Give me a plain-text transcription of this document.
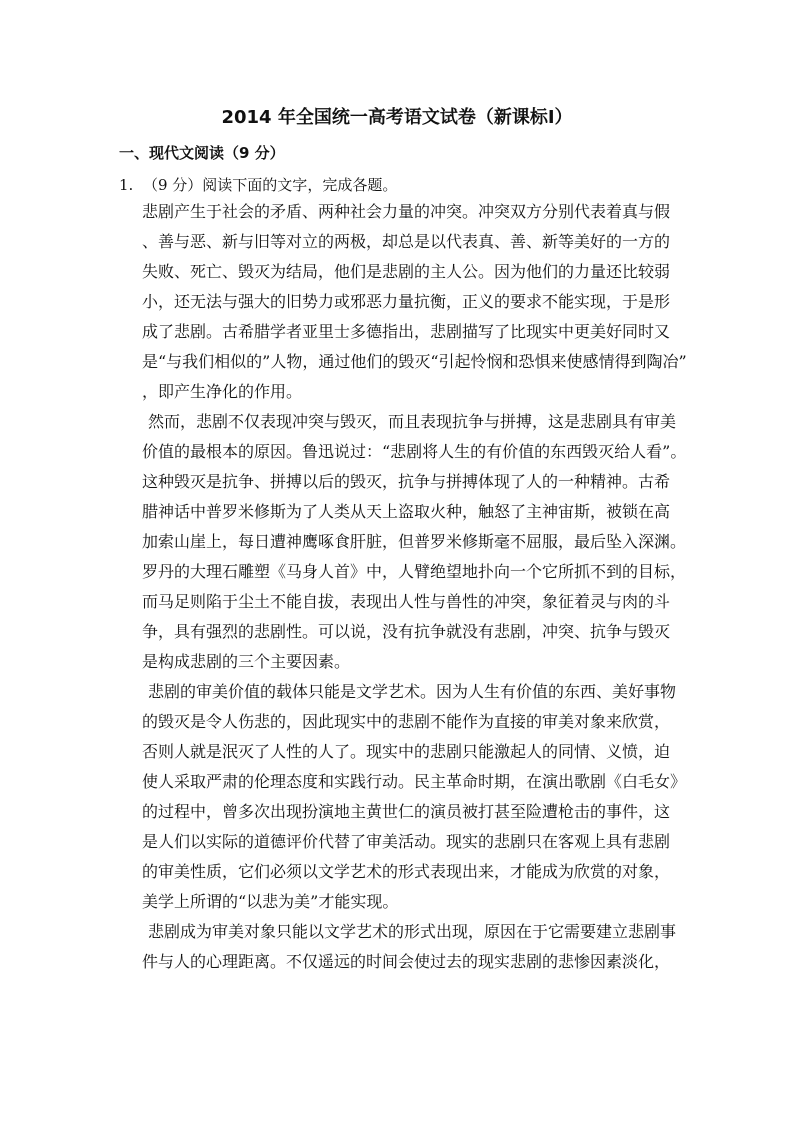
2014 年全国统一高考语文试卷（新课标Ⅰ）
一、现代文阅读（9 分）
1. （9 分）阅读下面的文字，完成各题。
悲剧产生于社会的矛盾、两种社会力量的冲突。冲突双方分别代表着真与假
、善与恶、新与旧等对立的两极，却总是以代表真、善、新等美好的一方的
失败、死亡、毁灭为结局，他们是悲剧的主人公。因为他们的力量还比较弱
小，还无法与强大的旧势力或邪恶力量抗衡，正义的要求不能实现，于是形
成了悲剧。古希腊学者亚里士多德指出，悲剧描写了比现实中更美好同时又
是“与我们相似的”人物，通过他们的毁灭“引起怜悯和恐惧来使感情得到陶冶”
，即产生净化的作用。
然而，悲剧不仅表现冲突与毁灭，而且表现抗争与拼搏，这是悲剧具有审美
价值的最根本的原因。鲁迅说过：“悲剧将人生的有价值的东西毁灭给人看”。
这种毁灭是抗争、拼搏以后的毁灭，抗争与拼搏体现了人的一种精神。古希
腊神话中普罗米修斯为了人类从天上盗取火种，触怒了主神宙斯，被锁在高
加索山崖上，每日遭神鹰啄食肝脏，但普罗米修斯毫不屈服，最后坠入深渊。
罗丹的大理石雕塑《马身人首》中，人臂绝望地扑向一个它所抓不到的目标，
而马足则陷于尘土不能自拔，表现出人性与兽性的冲突，象征着灵与肉的斗
争，具有强烈的悲剧性。可以说，没有抗争就没有悲剧，冲突、抗争与毁灭
是构成悲剧的三个主要因素。
悲剧的审美价值的载体只能是文学艺术。因为人生有价值的东西、美好事物
的毁灭是令人伤悲的，因此现实中的悲剧不能作为直接的审美对象来欣赏，
否则人就是泯灭了人性的人了。现实中的悲剧只能激起人的同情、义愤，迫
使人采取严肃的伦理态度和实践行动。民主革命时期，在演出歌剧《白毛女》
的过程中，曾多次出现扮演地主黄世仁的演员被打甚至险遭枪击的事件，这
是人们以实际的道德评价代替了审美活动。现实的悲剧只在客观上具有悲剧
的审美性质，它们必须以文学艺术的形式表现出来，才能成为欣赏的对象，
美学上所谓的“以悲为美”才能实现。
悲剧成为审美对象只能以文学艺术的形式出现，原因在于它需要建立悲剧事
件与人的心理距离。不仅遥远的时间会使过去的现实悲剧的悲惨因素淡化，
